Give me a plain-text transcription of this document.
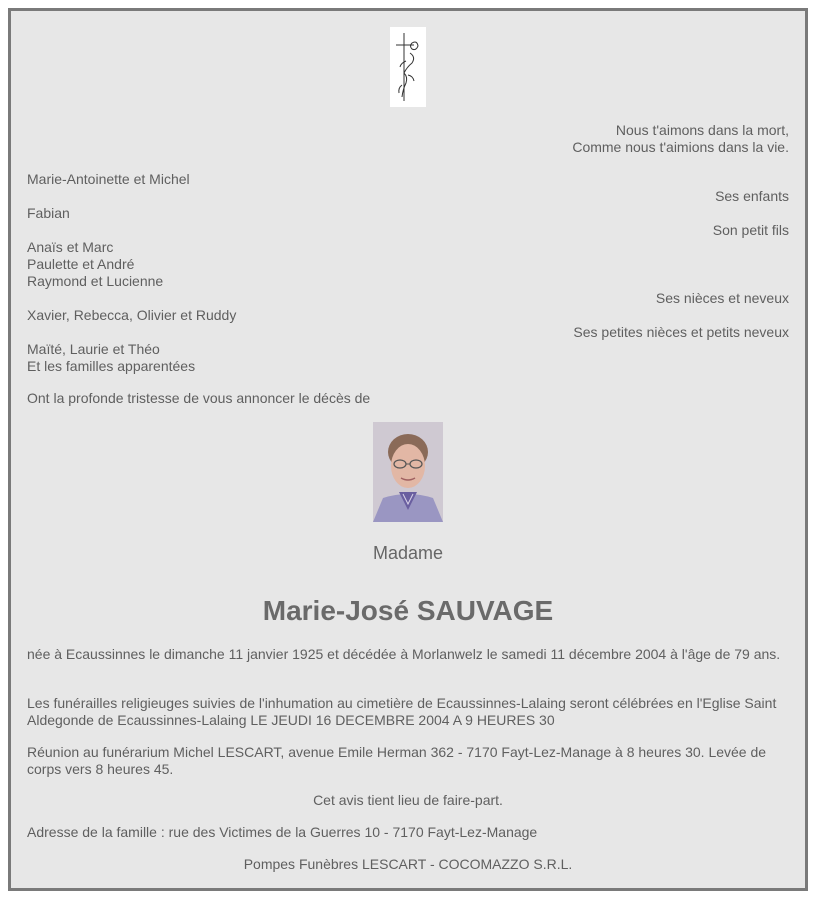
Nous t'aimons dans la mort,
Comme nous t'aimions dans la vie.
Marie-Antoinette et Michel
Ses enfants
Fabian
Son petit fils
Anaïs et Marc
Paulette et André
Raymond et Lucienne
Ses nièces et neveux
Xavier, Rebecca, Olivier et Ruddy
Ses petites nièces et petits neveux
Maïté, Laurie et Théo
Et les familles apparentées
Ont la profonde tristesse de vous annoncer le décès de
Madame
Marie-José SAUVAGE
née à Ecaussinnes le dimanche 11 janvier 1925 et décédée à Morlanwelz le samedi 11 décembre 2004 à l'âge de 79 ans.
Les funérailles religieuges suivies de l'inhumation au cimetière de Ecaussinnes-Lalaing seront célébrées en l'Eglise Saint Aldegonde de Ecaussinnes-Lalaing LE JEUDI 16 DECEMBRE 2004 A 9 HEURES 30
Réunion au funérarium Michel LESCART, avenue Emile Herman 362 - 7170 Fayt-Lez-Manage à 8 heures 30. Levée de corps vers 8 heures 45.
Cet avis tient lieu de faire-part.
Adresse de la famille : rue des Victimes de la Guerres 10 - 7170 Fayt-Lez-Manage
Pompes Funèbres LESCART - COCOMAZZO S.R.L.
